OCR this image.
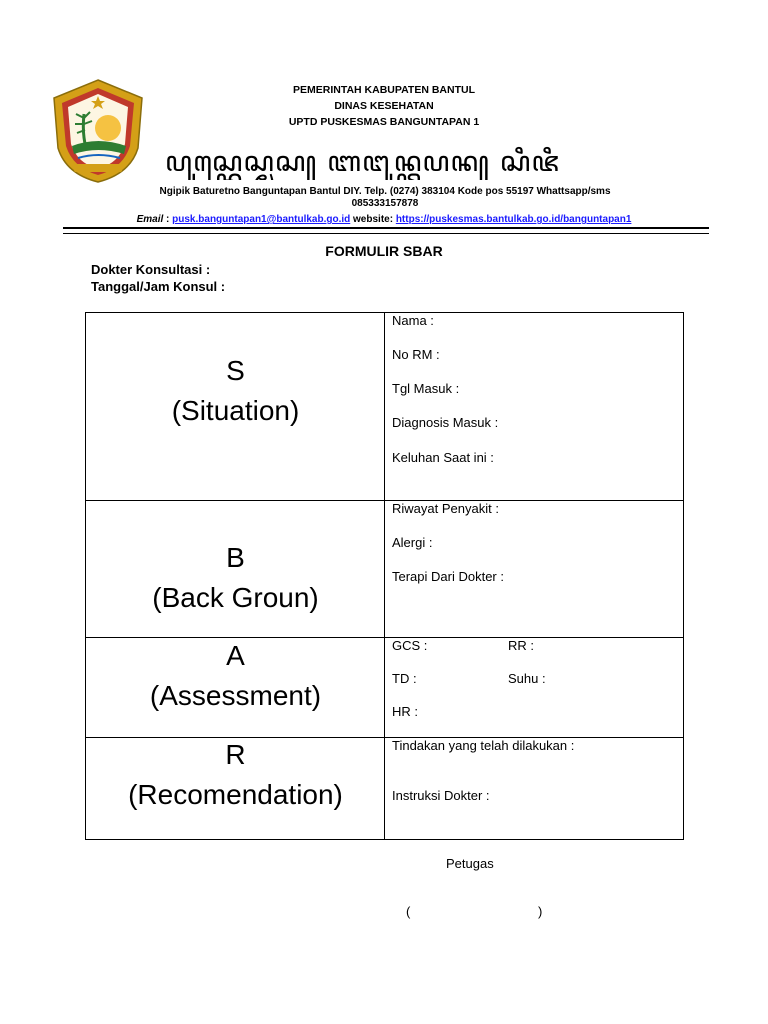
PEMERINTAH KABUPATEN BANTUL
DINAS KESEHATAN
UPTD PUSKESMAS BANGUNTAPAN 1
ꦥꦸꦱ꧀ꦏꦺꦱ꧀ꦩꦱ꧀ ꦧꦔꦸꦤ꧀ꦠꦥꦤ꧀ ꦱꦶꦗꦶ
Ngipik Baturetno Banguntapan Bantul DIY. Telp. (0274) 383104 Kode pos 55197 Whattsapp/sms
085333157878
Email : pusk.banguntapan1@bantulkab.go.id website: https://puskesmas.bantulkab.go.id/banguntapan1
FORMULIR SBAR
Dokter Konsultasi :
Tanggal/Jam Konsul :
S
(Situation)
Nama :
No RM :
Tgl Masuk :
Diagnosis Masuk :
Keluhan Saat ini :
B
(Back Groun)
Riwayat Penyakit :
Alergi :
Terapi Dari Dokter :
A
(Assessment)
GCS :	RR :
TD :	Suhu :
HR :
R
(Recomendation)
Tindakan yang telah dilakukan :
Instruksi Dokter :
Petugas
(	)
